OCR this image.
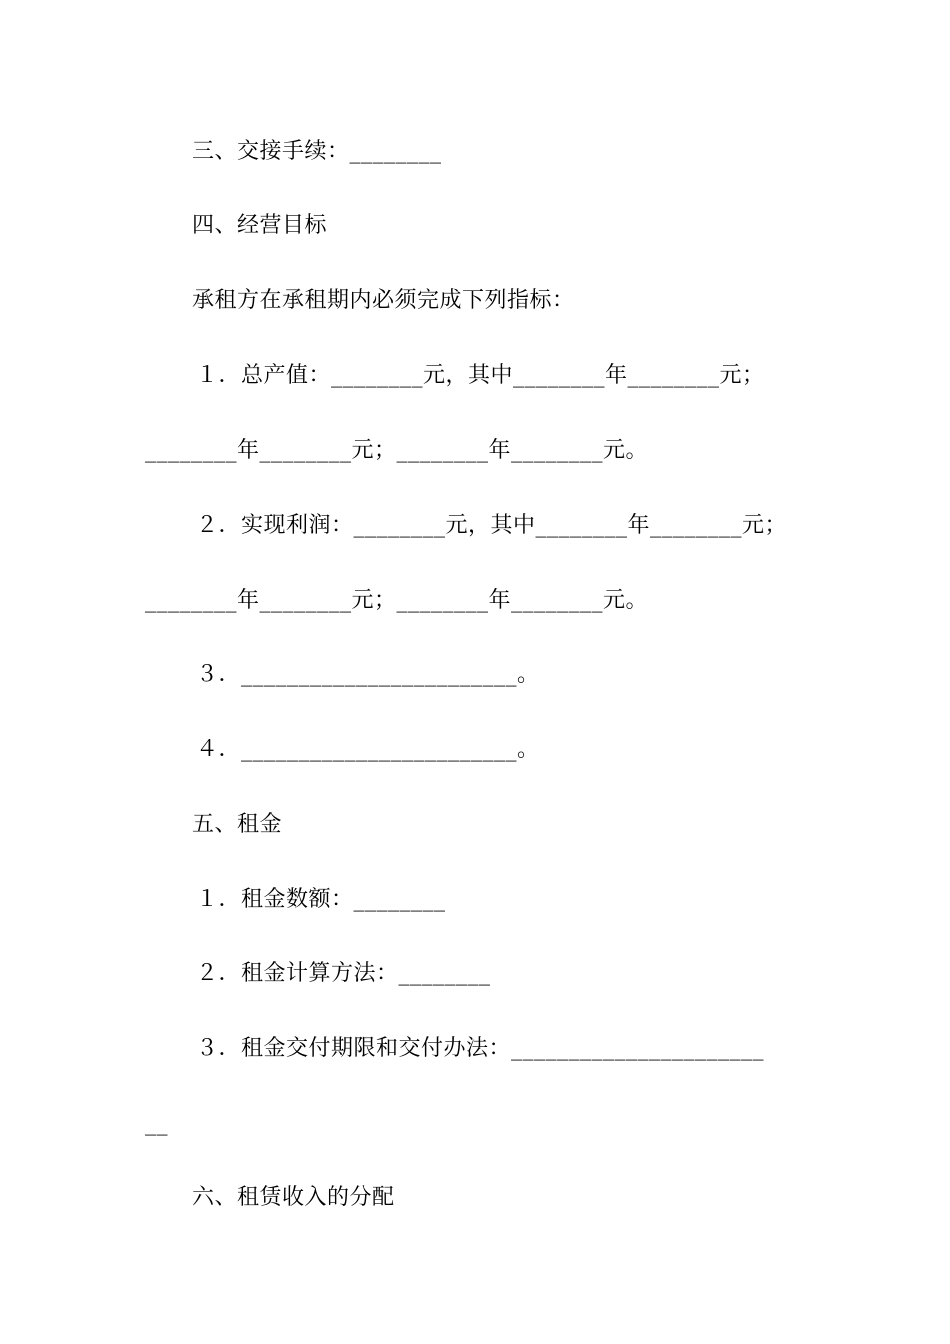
三、交接手续：________
四、经营目标
承租方在承租期内必须完成下列指标：
１．总产值：________元，其中________年________元；
________年________元；________年________元。
２．实现利润：________元，其中________年________元；
________年________元；________年________元。
３．________________________。
４．________________________。
五、租金
１．租金数额：________
２．租金计算方法：________
３．租金交付期限和交付办法：______________________
__
六、租赁收入的分配
